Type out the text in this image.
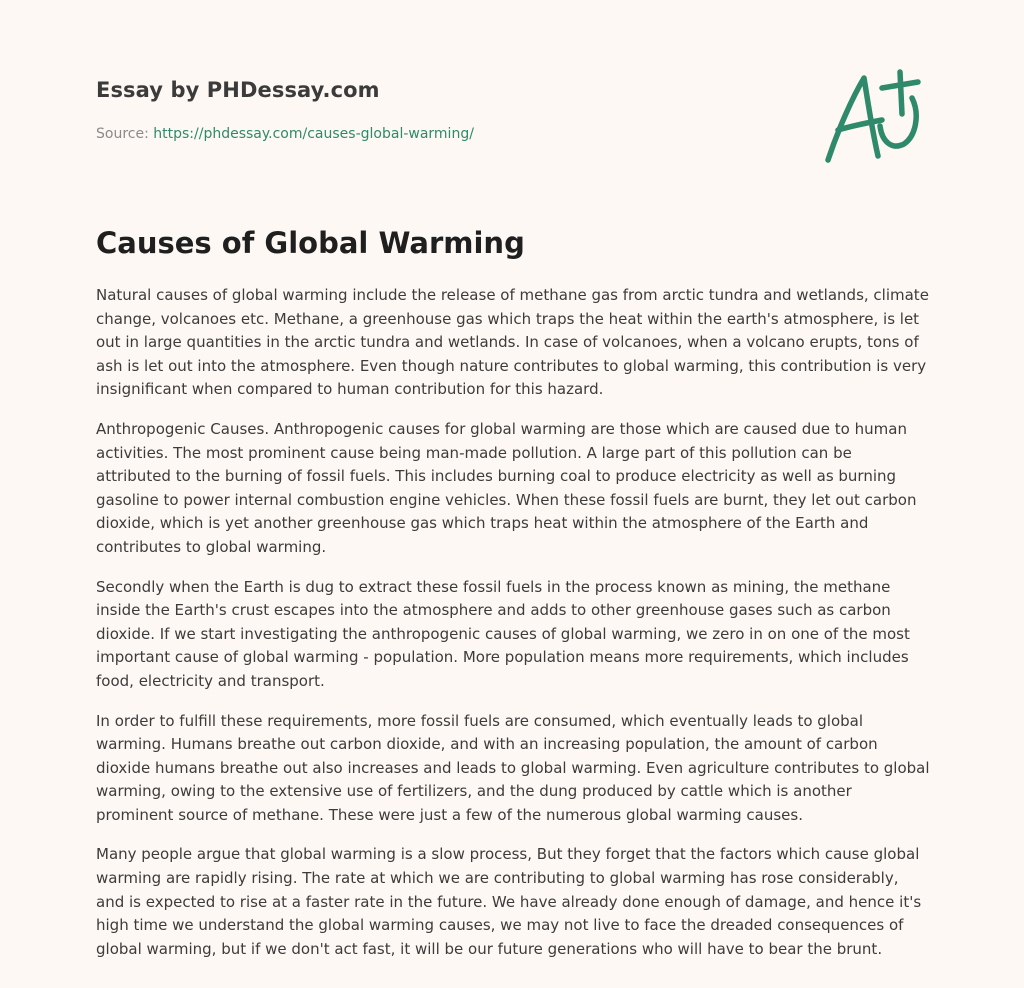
Essay by PHDessay.com
Source: https://phdessay.com/causes-global-warming/
Causes of Global Warming

Natural causes of global warming include the release of methane gas from arctic tundra and wetlands, climate change, volcanoes etc. Methane, a greenhouse gas which traps the heat within the earth's atmosphere, is let out in large quantities in the arctic tundra and wetlands. In case of volcanoes, when a volcano erupts, tons of ash is let out into the atmosphere. Even though nature contributes to global warming, this contribution is very insignificant when compared to human contribution for this hazard.

Anthropogenic Causes. Anthropogenic causes for global warming are those which are caused due to human activities. The most prominent cause being man-made pollution. A large part of this pollution can be attributed to the burning of fossil fuels. This includes burning coal to produce electricity as well as burning gasoline to power internal combustion engine vehicles. When these fossil fuels are burnt, they let out carbon dioxide, which is yet another greenhouse gas which traps heat within the atmosphere of the Earth and contributes to global warming.

Secondly when the Earth is dug to extract these fossil fuels in the process known as mining, the methane inside the Earth's crust escapes into the atmosphere and adds to other greenhouse gases such as carbon dioxide. If we start investigating the anthropogenic causes of global warming, we zero in on one of the most important cause of global warming - population. More population means more requirements, which includes food, electricity and transport.

In order to fulfill these requirements, more fossil fuels are consumed, which eventually leads to global warming. Humans breathe out carbon dioxide, and with an increasing population, the amount of carbon dioxide humans breathe out also increases and leads to global warming. Even agriculture contributes to global warming, owing to the extensive use of fertilizers, and the dung produced by cattle which is another prominent source of methane. These were just a few of the numerous global warming causes.

Many people argue that global warming is a slow process, But they forget that the factors which cause global warming are rapidly rising. The rate at which we are contributing to global warming has rose considerably, and is expected to rise at a faster rate in the future. We have already done enough of damage, and hence it's high time we understand the global warming causes, we may not live to face the dreaded consequences of global warming, but if we don't act fast, it will be our future generations who will have to bear the brunt.
